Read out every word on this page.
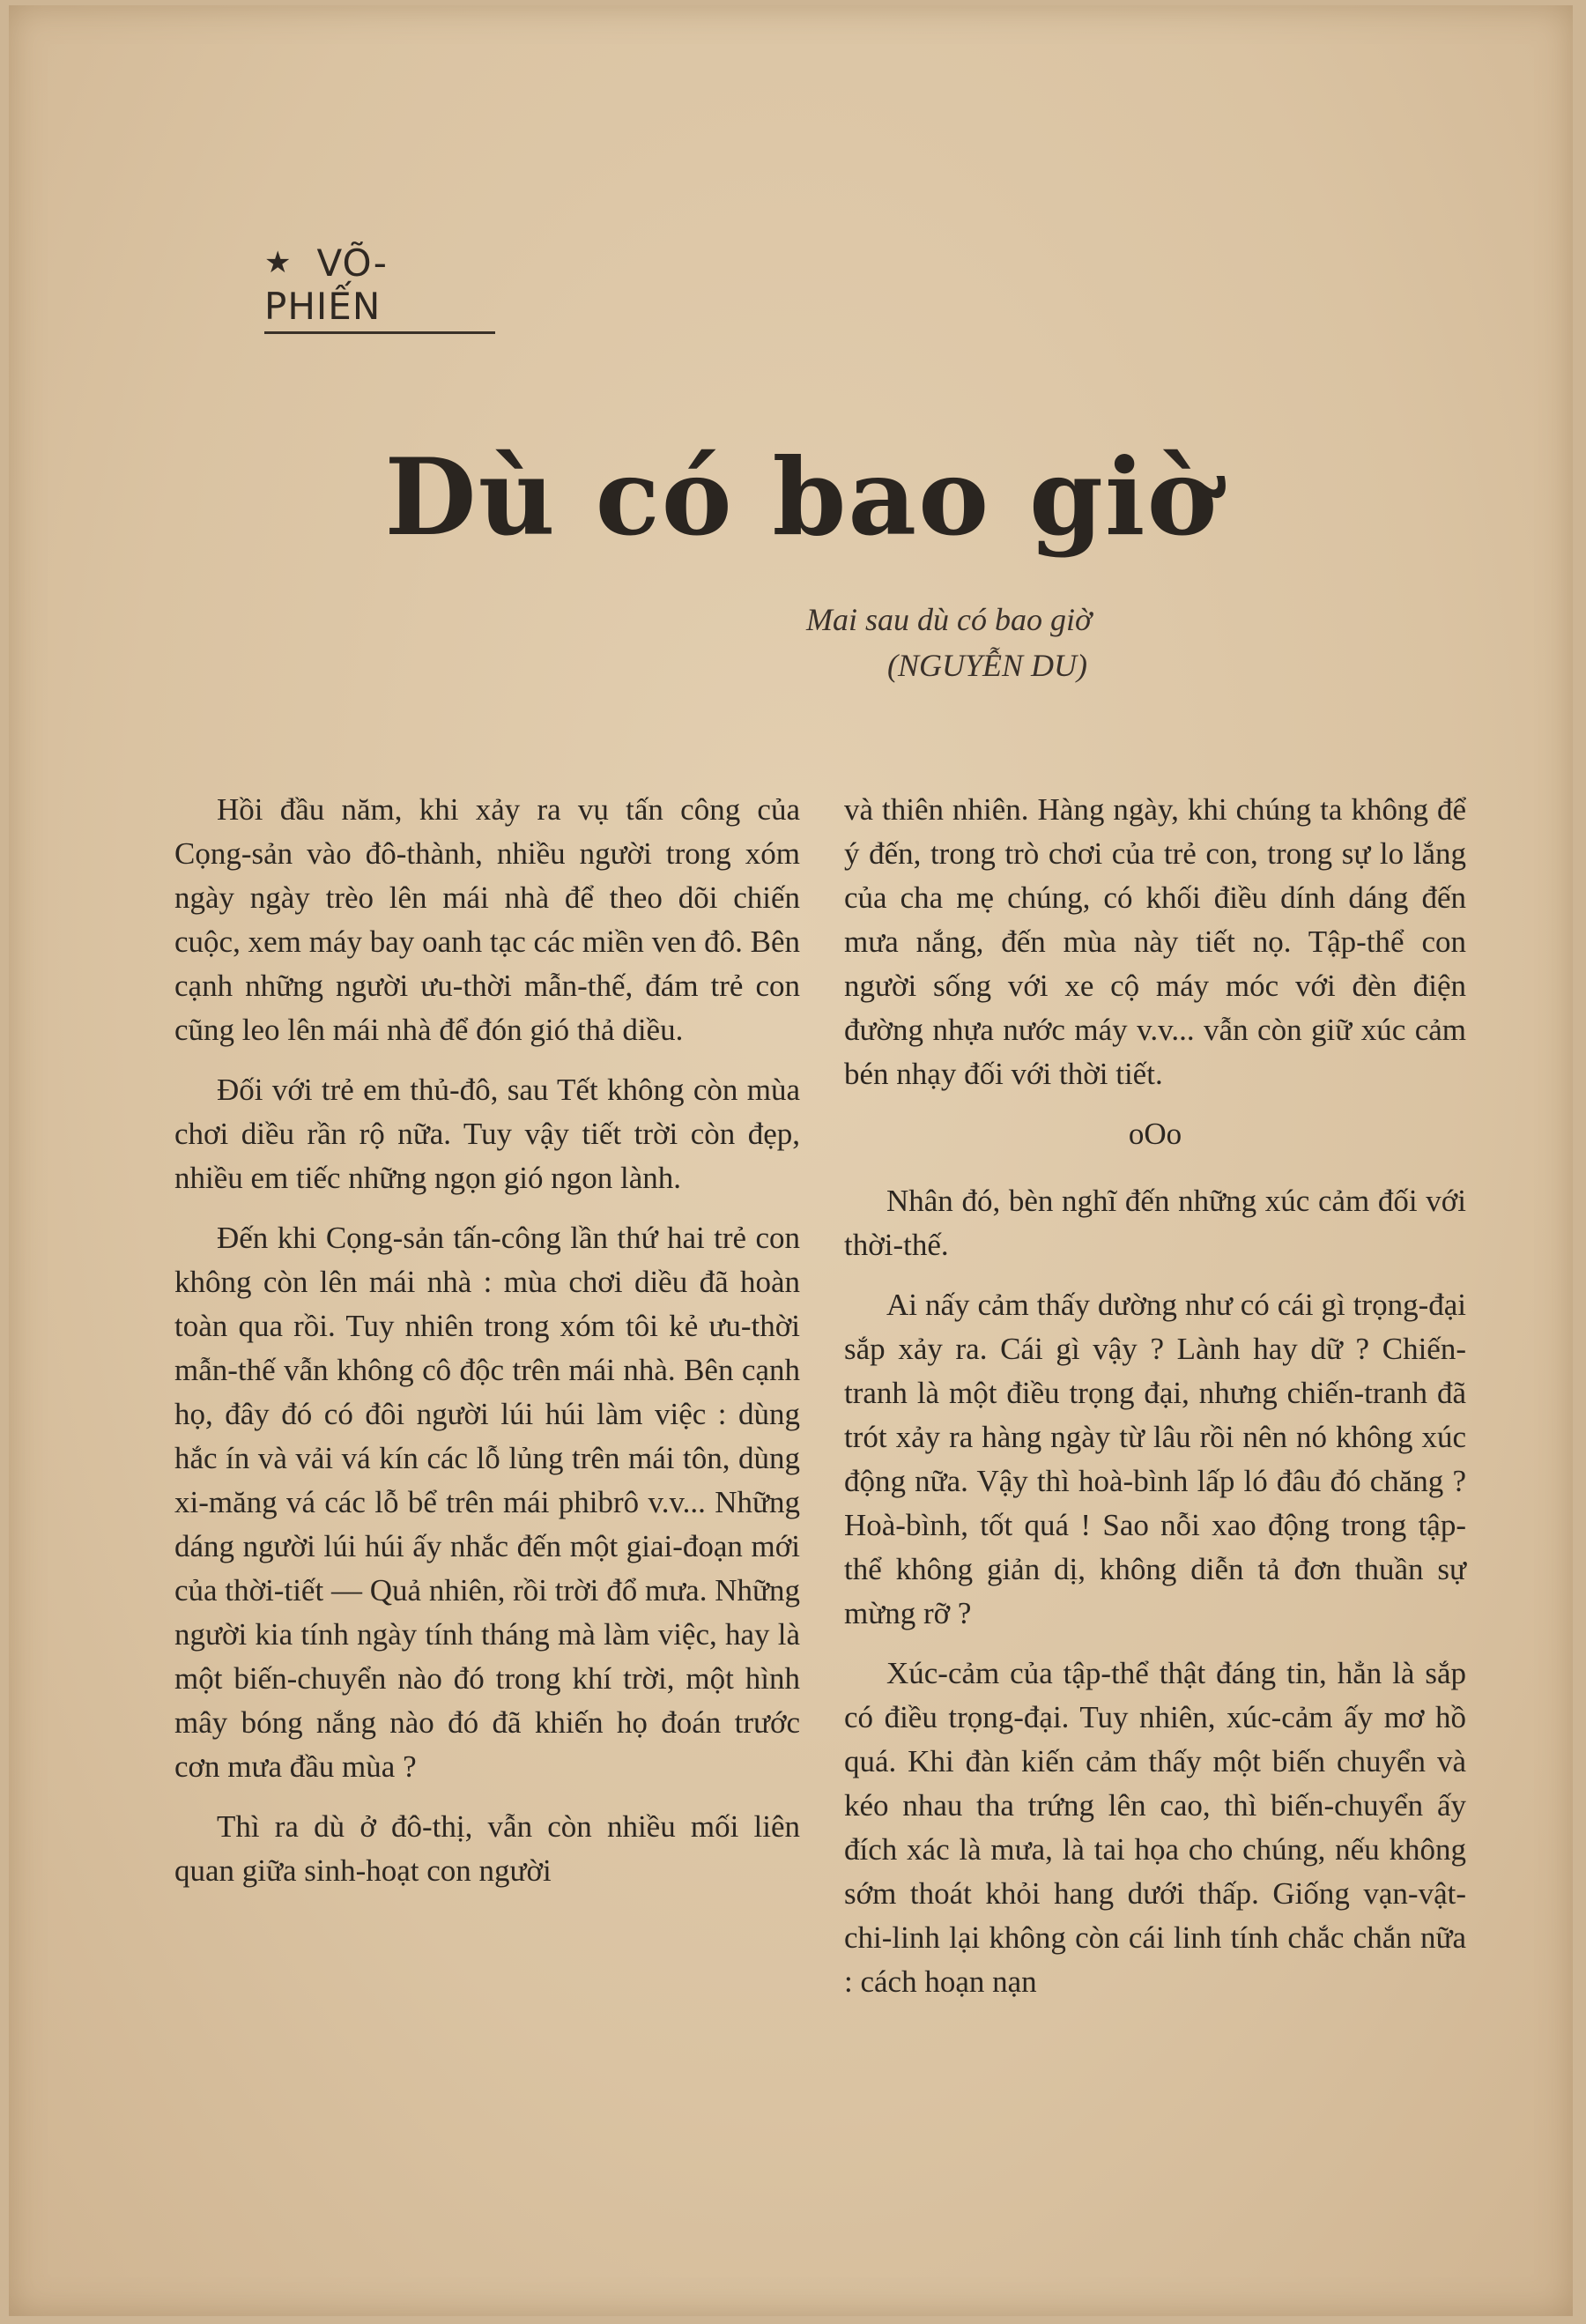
★ VÕ-PHIẾN
Dù có bao giờ
Mai sau dù có bao giờ
(NGUYỄN DU)

Hồi đầu năm, khi xảy ra vụ tấn công của Cọng-sản vào đô-thành, nhiều người trong xóm ngày ngày trèo lên mái nhà để theo dõi chiến cuộc, xem máy bay oanh tạc các miền ven đô. Bên cạnh những người ưu-thời mẫn-thế, đám trẻ con cũng leo lên mái nhà để đón gió thả diều.

Đối với trẻ em thủ-đô, sau Tết không còn mùa chơi diều rần rộ nữa. Tuy vậy tiết trời còn đẹp, nhiều em tiếc những ngọn gió ngon lành.

Đến khi Cọng-sản tấn-công lần thứ hai trẻ con không còn lên mái nhà : mùa chơi diều đã hoàn toàn qua rồi. Tuy nhiên trong xóm tôi kẻ ưu-thời mẫn-thế vẫn không cô độc trên mái nhà. Bên cạnh họ, đây đó có đôi người lúi húi làm việc : dùng hắc ín và vải vá kín các lỗ lủng trên mái tôn, dùng xi-măng vá các lỗ bể trên mái phibrô v.v... Những dáng người lúi húi ấy nhắc đến một giai-đoạn mới của thời-tiết — Quả nhiên, rồi trời đổ mưa. Những người kia tính ngày tính tháng mà làm việc, hay là một biến-chuyển nào đó trong khí trời, một hình mây bóng nắng nào đó đã khiến họ đoán trước cơn mưa đầu mùa ?

Thì ra dù ở đô-thị, vẫn còn nhiều mối liên quan giữa sinh-hoạt con người

và thiên nhiên. Hàng ngày, khi chúng ta không để ý đến, trong trò chơi của trẻ con, trong sự lo lắng của cha mẹ chúng, có khối điều dính dáng đến mưa nắng, đến mùa này tiết nọ. Tập-thể con người sống với xe cộ máy móc với đèn điện đường nhựa nước máy v.v... vẫn còn giữ xúc cảm bén nhạy đối với thời tiết.

oOo

Nhân đó, bèn nghĩ đến những xúc cảm đối với thời-thế.

Ai nấy cảm thấy dường như có cái gì trọng-đại sắp xảy ra. Cái gì vậy ? Lành hay dữ ? Chiến-tranh là một điều trọng đại, nhưng chiến-tranh đã trót xảy ra hàng ngày từ lâu rồi nên nó không xúc động nữa. Vậy thì hoà-bình lấp ló đâu đó chăng ? Hoà-bình, tốt quá ! Sao nỗi xao động trong tập-thể không giản dị, không diễn tả đơn thuần sự mừng rỡ ?

Xúc-cảm của tập-thể thật đáng tin, hẳn là sắp có điều trọng-đại. Tuy nhiên, xúc-cảm ấy mơ hồ quá. Khi đàn kiến cảm thấy một biến chuyển và kéo nhau tha trứng lên cao, thì biến-chuyển ấy đích xác là mưa, là tai họa cho chúng, nếu không sớm thoát khỏi hang dưới thấp. Giống vạn-vật-chi-linh lại không còn cái linh tính chắc chắn nữa : cách hoạn nạn
